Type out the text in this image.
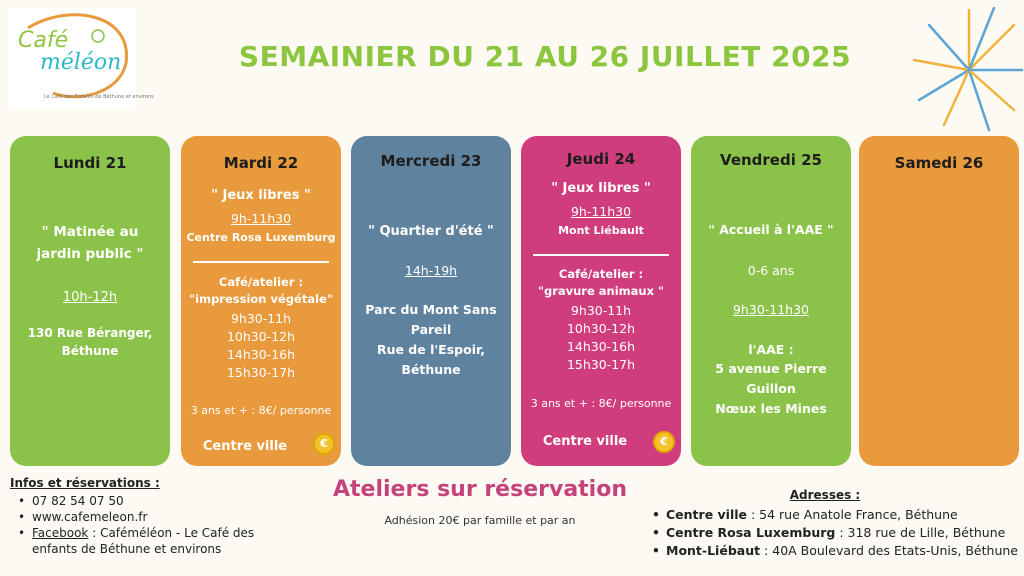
Café
méléon
Le Café des Enfants de Béthune et environs
SEMAINIER DU 21 AU 26 JUILLET 2025
Lundi 21
" Matinée au
jardin public "
10h-12h
130 Rue Béranger,
Béthune
Mardi 22
" Jeux libres "
9h-11h30
Centre Rosa Luxemburg
Café/atelier :
"impression végétale"
9h30-11h
10h30-12h
14h30-16h
15h30-17h
3 ans et + : 8€/ personne
Centre ville	€
Mercredi 23
" Quartier d'été "
14h-19h
Parc du Mont Sans
Pareil
Rue de l'Espoir,
Béthune
Jeudi 24
" Jeux libres "
9h-11h30
Mont Liébault
Café/atelier :
"gravure animaux "
9h30-11h
10h30-12h
14h30-16h
15h30-17h
3 ans et + : 8€/ personne
Centre ville	€
Vendredi 25
" Accueil à l'AAE "
0-6 ans
9h30-11h30
l'AAE :
5 avenue Pierre
Guillon
Nœux les Mines
Samedi 26
Infos et réservations :
• 07 82 54 07 50
• www.cafemeleon.fr
• Facebook : Caféméléon - Le Café des
enfants de Béthune et environs
Ateliers sur réservation
Adhésion 20€ par famille et par an
Adresses :
• Centre ville : 54 rue Anatole France, Béthune
• Centre Rosa Luxemburg : 318 rue de Lille, Béthune
• Mont-Liébaut : 40A Boulevard des Etats-Unis, Béthune
